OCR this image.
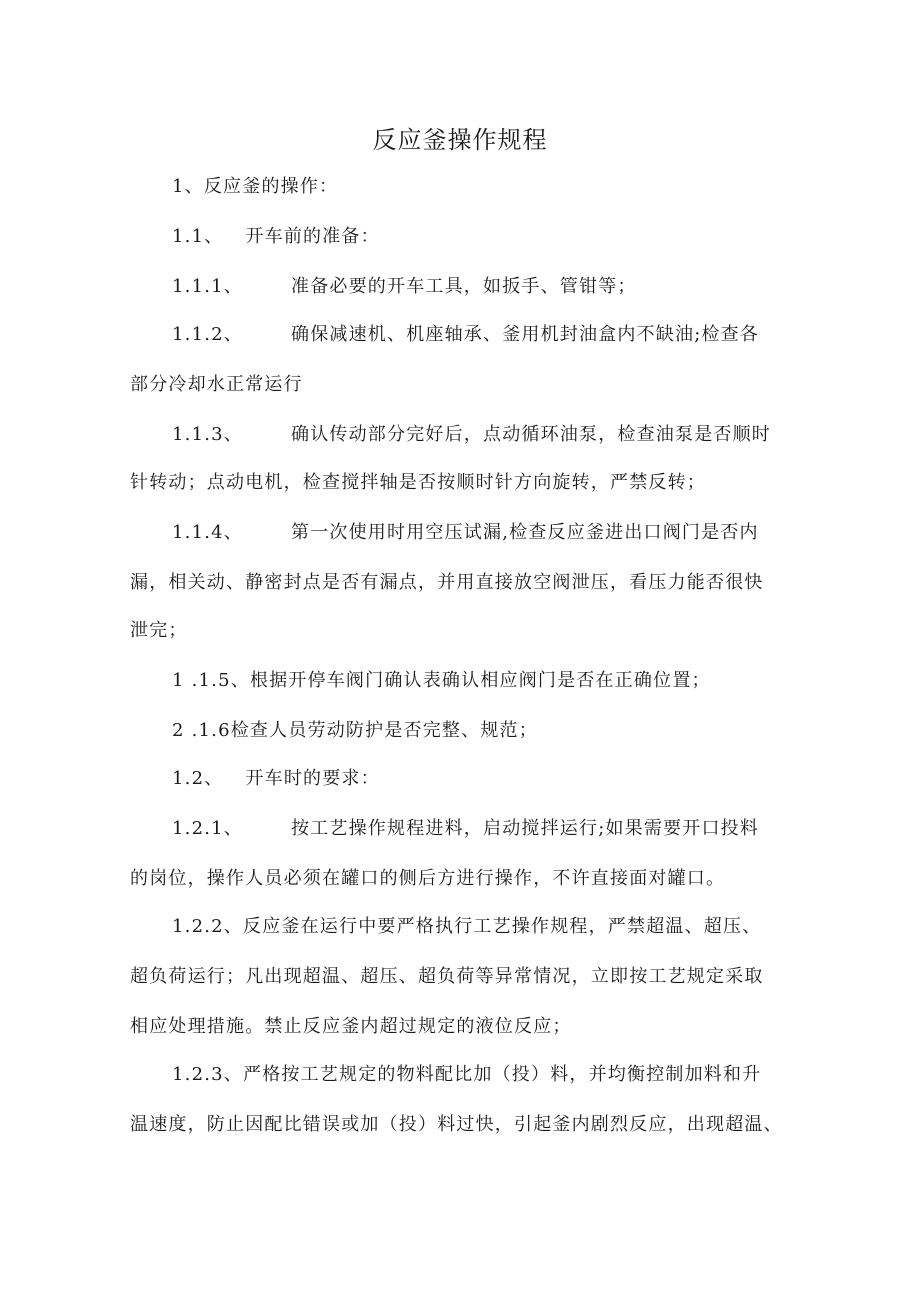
反应釜操作规程
1、反应釜的操作：
1.1、 开车前的准备：
1.1.1、	准备必要的开车工具，如扳手、管钳等；
1.1.2、	确保减速机、机座轴承、釜用机封油盒内不缺油;检查各
部分冷却水正常运行
1.1.3、	确认传动部分完好后，点动循环油泵，检查油泵是否顺时
针转动；点动电机，检查搅拌轴是否按顺时针方向旋转，严禁反转；
1.1.4、	第一次使用时用空压试漏,检查反应釜进出口阀门是否内
漏，相关动、静密封点是否有漏点，并用直接放空阀泄压，看压力能否很快
泄完；
1 .1.5、根据开停车阀门确认表确认相应阀门是否在正确位置；
2 .1.6检查人员劳动防护是否完整、规范；
1.2、 开车时的要求：
1.2.1、	按工艺操作规程进料，启动搅拌运行;如果需要开口投料
的岗位，操作人员必须在罐口的侧后方进行操作，不许直接面对罐口。
1.2.2、反应釜在运行中要严格执行工艺操作规程，严禁超温、超压、
超负荷运行；凡出现超温、超压、超负荷等异常情况，立即按工艺规定采取
相应处理措施。禁止反应釜内超过规定的液位反应；
1.2.3、严格按工艺规定的物料配比加（投）料，并均衡控制加料和升
温速度，防止因配比错误或加（投）料过快，引起釜内剧烈反应，出现超温、
